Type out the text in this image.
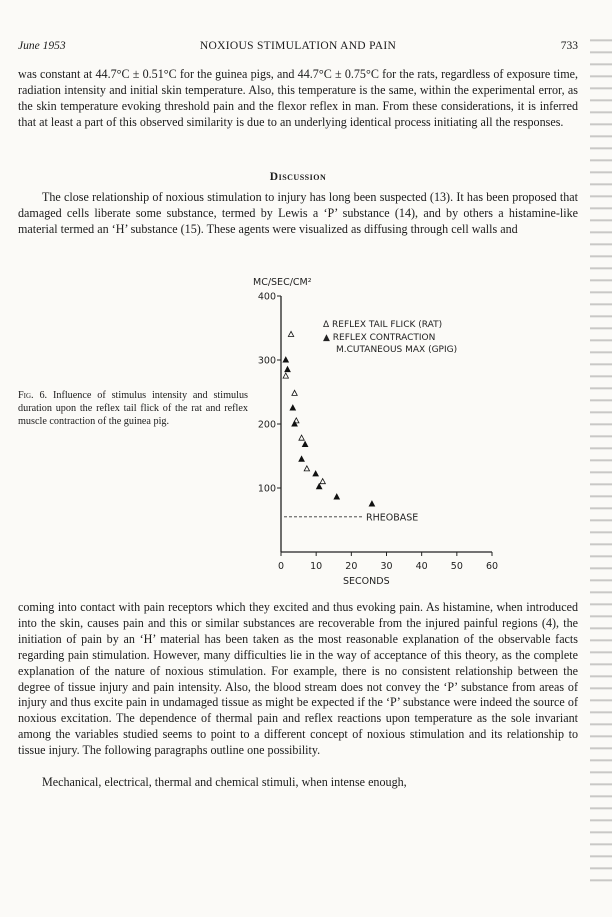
June 1953	NOXIOUS STIMULATION AND PAIN	733

was constant at 44.7°C ± 0.51°C for the guinea pigs, and 44.7°C ± 0.75°C for the rats, regardless of exposure time, radiation intensity and initial skin temperature. Also, this temperature is the same, within the experimental error, as the skin temperature evoking threshold pain and the flexor reflex in man. From these considerations, it is inferred that at least a part of this observed similarity is due to an underlying identical process initiating all the responses.

Discussion

The close relationship of noxious stimulation to injury has long been suspected (13). It has been proposed that damaged cells liberate some substance, termed by Lewis a ‘P’ substance (14), and by others a histamine-like material termed an ‘H’ substance (15). These agents were visualized as diffusing through cell walls and

Fig. 6. Influence of stimulus intensity and stimulus duration upon the reflex tail flick of the rat and reflex muscle contraction of the guinea pig.

MC/SEC/CM²
100
200
300
400
0	10 20 30 40 50 60
SECONDS
Δ REFLEX TAIL FLICK (RAT)
▲ REFLEX CONTRACTION
M.CUTANEOUS MAX (GPIG)
RHEOBASE

coming into contact with pain receptors which they excited and thus evoking pain. As histamine, when introduced into the skin, causes pain and this or similar substances are recoverable from the injured painful regions (4), the initiation of pain by an ‘H’ material has been taken as the most reasonable explanation of the observable facts regarding pain stimulation. However, many difficulties lie in the way of acceptance of this theory, as the complete explanation of the nature of noxious stimulation. For example, there is no consistent relationship between the degree of tissue injury and pain intensity. Also, the blood stream does not convey the ‘P’ substance from areas of injury and thus excite pain in undamaged tissue as might be expected if the ‘P’ substance were indeed the source of noxious excitation. The dependence of thermal pain and reflex reactions upon temperature as the sole invariant among the variables studied seems to point to a different concept of noxious stimulation and its relationship to tissue injury. The following paragraphs outline one possibility.

Mechanical, electrical, thermal and chemical stimuli, when intense enough,
